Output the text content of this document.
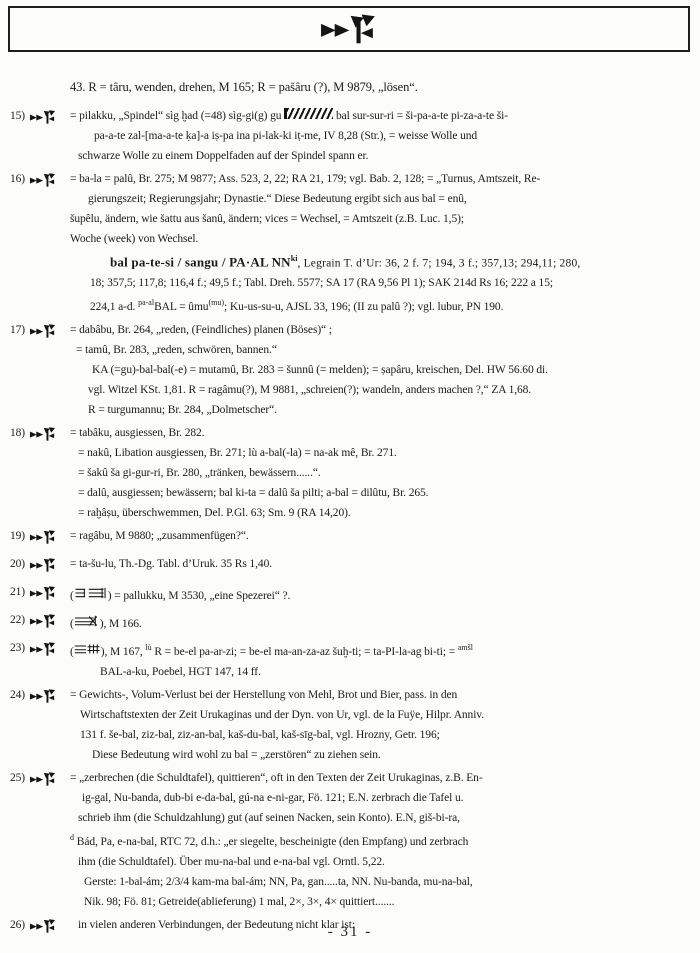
43. R = târu, wenden, drehen, M 165; R = pašâru (?), M 9879, „lösen“.
15)	= pilakku, „Spindel“ sìg ḫad (=48) sìg-gi(g) gu	bal sur-sur-ri = ši-pa-a-te pi-za-a-te ši-
pa-a-te zal-[ma-a-te ḳa]-a iṣ-pa ina pi-lak-ki iṭ-me, IV 8,28 (Str.), = weisse Wolle und
schwarze Wolle zu einem Doppelfaden auf der Spindel spann er.
16)	= ba-la = palû, Br. 275; M 9877; Ass. 523, 2, 22; RA 21, 179; vgl. Bab. 2, 128; = „Turnus, Amtszeit, Re-
gierungszeit; Regierungsjahr; Dynastie.“ Diese Bedeutung ergibt sich aus bal = enû,
šupêlu, ändern, wie šattu aus šanû, ändern; vices = Wechsel, = Amtszeit (z.B. Luc. 1,5);
Woche (week) von Wechsel.
bal pa-te-si / sangu / PA·AL $NN^{ki}$, Legrain T. d’Ur: 36, 2 f. 7; 194, 3 f.; 357,13; 294,11; 280,
18; 357,5; 117,8; 116,4 f.; 49,5 f.; Tabl. Dreh. 5577; SA 17 (RA 9,56 Pl 1); SAK 214d Rs 16; 222 a 15;
224,1 a-d. $^{pa-al}$BAL = ûmu$^{(mu)}$; Ku-us-su-u, AJSL 33, 196; (II zu palû ?); vgl. lubur, PN 190.
17)	= dabâbu, Br. 264, „reden, (Feindliches) planen (Böses)“ ;
= tamû, Br. 283, „reden, schwören, bannen.“
KA (=gu)-bal-bal(-e) = mutamû, Br. 283 = šunnû (= melden); = ṣapâru, kreischen, Del. HW 56.60 di.
vgl. Witzel KSt. 1,81. R = ragâmu(?), M 9881, „schreien(?); wandeln, anders machen ?,“ ZA 1,68.
R = turgumannu; Br. 284, „Dolmetscher“.
18)	= tabâku, ausgiessen, Br. 282.
= nakû, Libation ausgiessen, Br. 271; lù a-bal(-la) = na-ak mê, Br. 271.
= šakû ša gi-gur-ri, Br. 280, „tränken, bewässern......“.
= dalû, ausgiessen; bewässern; bal ki-ta = dalû ša pilti; a-bal = dilûtu, Br. 265.
= raḫâṣu, überschwemmen, Del. P.Gl. 63; Sm. 9 (RA 14,20).
19)	= ragâbu, M 9880; „zusammenfügen?“.
20)	= ta-šu-lu, Th.-Dg. Tabl. d’Uruk. 35 Rs 1,40.
21)	(	) = pallukku, M 3530, „eine Spezerei“ ?.
22)	( ), M 166.
23)	( ), M 167, $^{lù}$ R = be-el pa-ar-zi; = be-el ma-an-za-az šuḫ-ti; = ta-PI-la-ag bi-ti; = $^{amšl}$
BAL-a-ku, Poebel, HGT 147, 14 ff.
24)	= Gewichts-, Volum-Verlust bei der Herstellung von Mehl, Brot und Bier, pass. in den
Wirtschaftstexten der Zeit Urukaginas und der Dyn. von Ur, vgl. de la Fuÿe, Hilpr. Anniv.
131 f. še-bal, ziz-bal, ziz-an-bal, kaš-du-bal, kaš-sīg-bal, vgl. Hrozny, Getr. 196;
Diese Bedeutung wird wohl zu bal = „zerstören“ zu ziehen sein.
25)	= „zerbrechen (die Schuldtafel), quittieren“, oft in den Texten der Zeit Urukaginas, z.B. En-
ig-gal, Nu-banda, dub-bi e-da-bal, gú-na e-ni-gar, Fö. 121; E.N. zerbrach die Tafel u.
schrieb ihm (die Schuldzahlung) gut (auf seinen Nacken, sein Konto). E.N, giš-bi-ra,
$^d$ Bád, Pa, e-na-bal, RTC 72, d.h.: „er siegelte, bescheinigte (den Empfang) und zerbrach
ihm (die Schuldtafel). Über mu-na-bal und e-na-bal vgl. Orntl. 5,22.
Gerste: 1-bal-ám; 2/3/4 kam-ma bal-ám; NN, Pa, gan.....ta, NN. Nu-banda, mu-na-bal,
Nik. 98; Fö. 81; Getreide(ablieferung) 1 mal, 2×, 3×, 4× quittiert.......
26)	in vielen anderen Verbindungen, der Bedeutung nicht klar ist:
- 31 -
